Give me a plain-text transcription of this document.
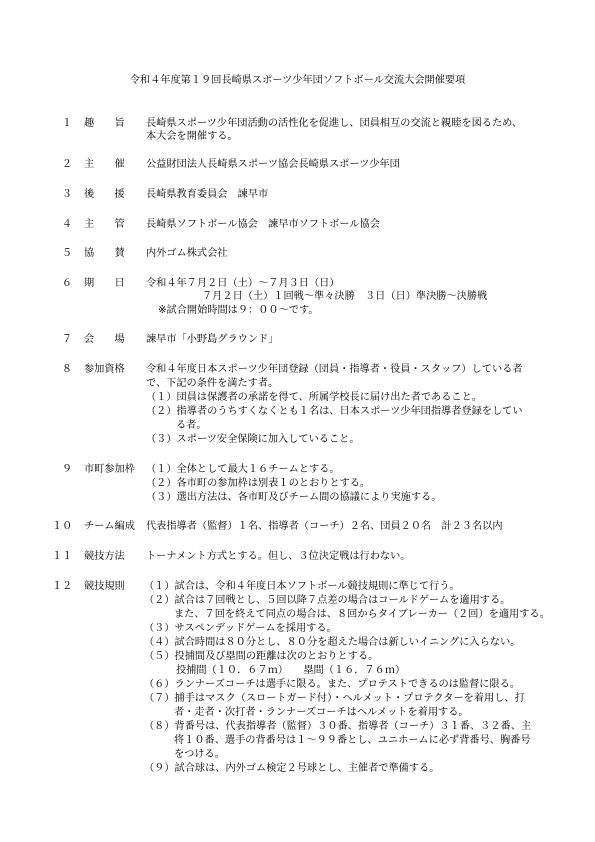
令和４年度第１９回長崎県スポーツ少年団ソフトボール交流大会開催要項
１ 趣　　旨 長崎県スポーツ少年団活動の活性化を促進し、団員相互の交流と親睦を図るため、
本大会を開催する。
２ 主　　催 公益財団法人長崎県スポーツ協会長崎県スポーツ少年団
３ 後　　援 長崎県教育委員会　諫早市
４ 主　　管 長崎県ソフトボール協会　諫早市ソフトボール協会
５ 協　　賛 内外ゴム株式会社
６ 期　　日 令和４年７月２日（土）～７月３日（日）
７月２日（土）１回戦～準々決勝　３日（日）準決勝～決勝戦
※試合開始時間は９：００～です。
７ 会　　場 諫早市「小野島グラウンド」
８ 参加資格 令和４年度日本スポーツ少年団登録（団員・指導者・役員・スタッフ）している者
で、下記の条件を満たす者。
（１）団員は保護者の承諾を得て、所属学校長に届け出た者であること。
（２）指導者のうちすくなくとも１名は、日本スポーツ少年団指導者登録をしてい
る者。
（３）スポーツ安全保険に加入していること。
９ 市町参加枠 （１）全体として最大１６チームとする。
（２）各市町の参加枠は別表１のとおりとする。
（３）選出方法は、各市町及びチーム間の協議により実施する。
１０ チーム編成 代表指導者（監督）１名、指導者（コーチ）２名、団員２０名　計２３名以内
１１ 競技方法 トーナメント方式とする。但し、３位決定戦は行わない。
１２ 競技規則 （１）試合は、令和４年度日本ソフトボール競技規則に準じて行う。
（２）試合は７回戦とし、５回以降７点差の場合はコールドゲームを適用する。
また、７回を終えて同点の場合は、８回からタイブレーカー（２回）を適用する。
（３）サスペンデッドゲームを採用する。
（４）試合時間は８０分とし、８０分を超えた場合は新しいイニングに入らない。
（５）投捕間及び塁間の距離は次のとおりとする。
投捕間（１０．６７ｍ）　　塁間（１６．７６ｍ）
（６）ランナーズコーチは選手に限る。また、プロテストできるのは監督に限る。
（７）捕手はマスク（スロートガード付）・ヘルメット・プロテクターを着用し、打
者・走者・次打者・ランナーズコーチはヘルメットを着用する。
（８）背番号は、代表指導者（監督）３０番、指導者（コーチ）３１番、３２番、主
将１０番、選手の背番号は１～９９番とし、ユニホームに必ず背番号、胸番号
をつける。
（９）試合球は、内外ゴム検定２号球とし、主催者で準備する。
